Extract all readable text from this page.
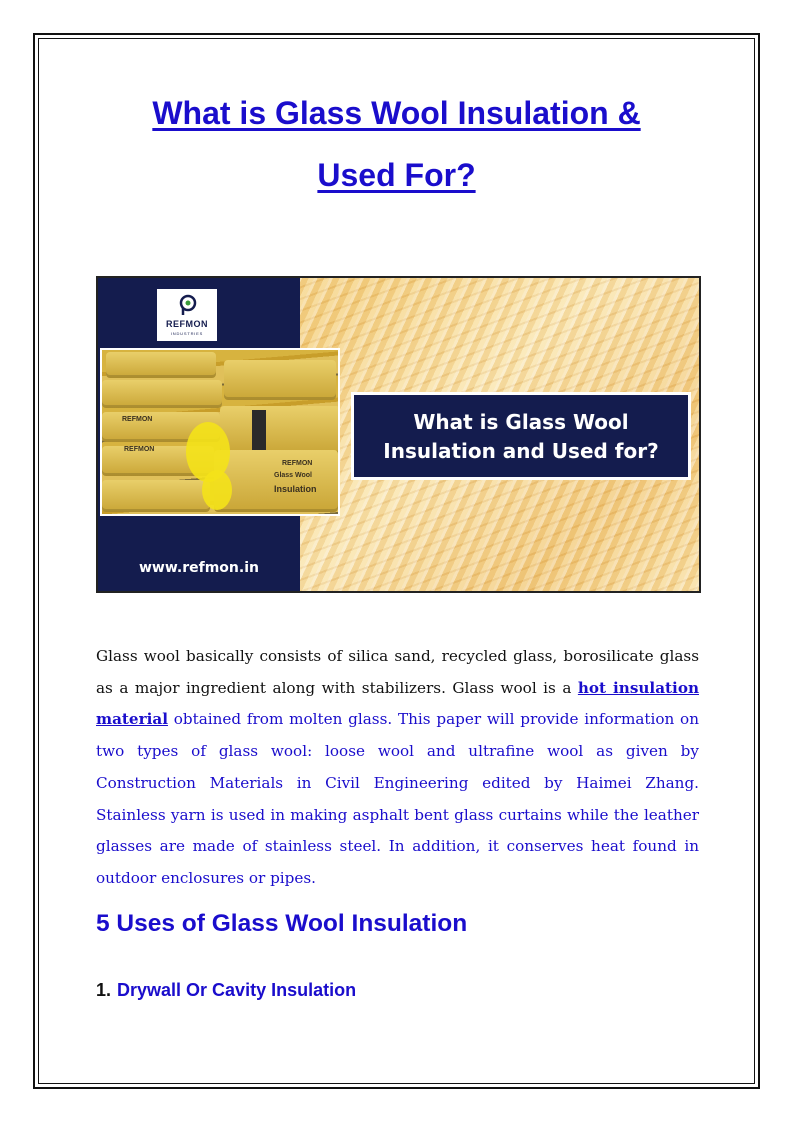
What is Glass Wool Insulation &
Used For?
REFMON
INDUSTRIES
www.refmon.in
REFMON
REFMON
REFMON
Glass Wool
Insulation
What is Glass Wool
Insulation and Used for?

Glass wool basically consists of silica sand, recycled glass, borosilicate glass as a major ingredient along with stabilizers. Glass wool is a hot insulation material obtained from molten glass. This paper will provide information on two types of glass wool: loose wool and ultrafine wool as given by Construction Materials in Civil Engineering edited by Haimei Zhang. Stainless yarn is used in making asphalt bent glass curtains while the leather glasses are made of stainless steel. In addition, it conserves heat found in outdoor enclosures or pipes.

5 Uses of Glass Wool Insulation
1. Drywall Or Cavity Insulation
